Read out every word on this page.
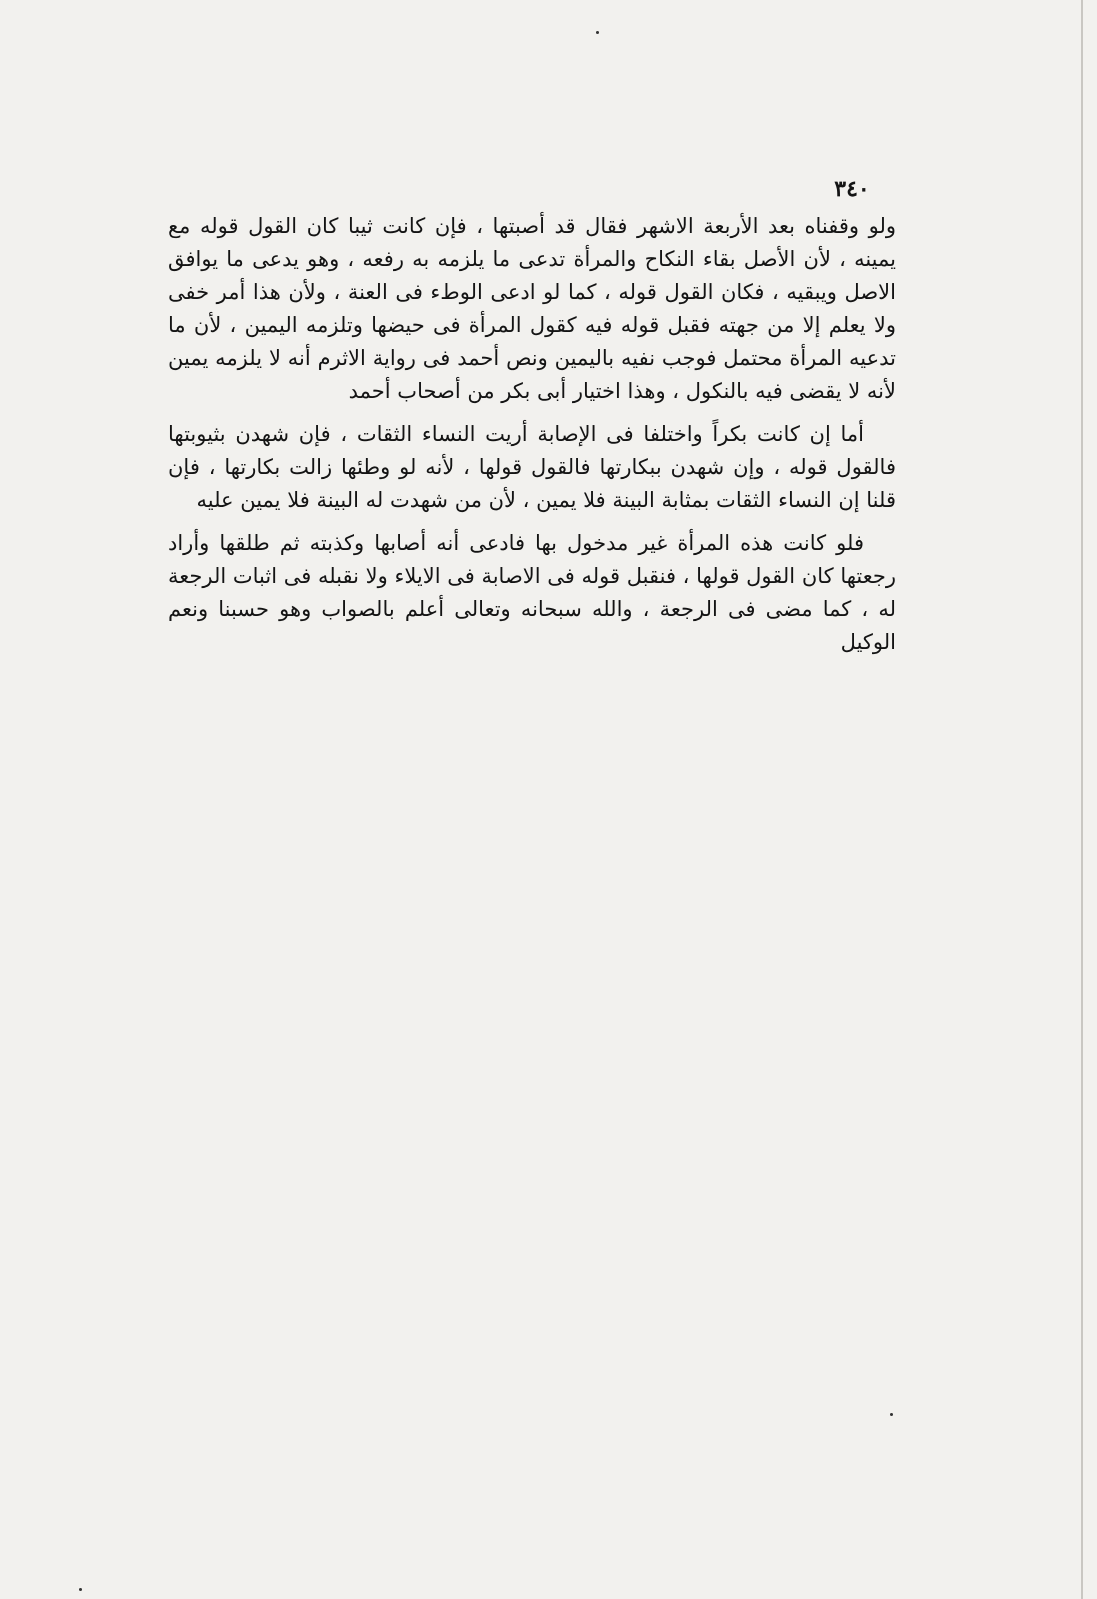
٣٤٠

ولو وقفناه بعد الأربعة الاشهر فقال قد أصبتها ، فإن كانت ثيبا كان القول قوله مع يمينه ، لأن الأصل بقاء النكاح والمرأة تدعى ما يلزمه به رفعه ، وهو يدعى ما يوافق الاصل ويبقيه ، فكان القول قوله ، كما لو ادعى الوطء فى العنة ، ولأن هذا أمر خفى ولا يعلم إلا من جهته فقبل قوله فيه كقول المرأة فى حيضها وتلزمه اليمين ، لأن ما تدعيه المرأة محتمل فوجب نفيه باليمين ونص أحمد فى رواية الاثرم أنه لا يلزمه يمين لأنه لا يقضى فيه بالنكول ، وهذا اختيار أبى بكر من أصحاب أحمد

أما إن كانت بكراً واختلفا فى الإصابة أريت النساء الثقات ، فإن شهدن بثيوبتها فالقول قوله ، وإن شهدن ببكارتها فالقول قولها ، لأنه لو وطئها زالت بكارتها ، فإن قلنا إن النساء الثقات بمثابة البينة فلا يمين ، لأن من شهدت له البينة فلا يمين عليه

فلو كانت هذه المرأة غير مدخول بها فادعى أنه أصابها وكذبته ثم طلقها وأراد رجعتها كان القول قولها ، فنقبل قوله فى الاصابة فى الايلاء ولا نقبله فى اثبات الرجعة له ، كما مضى فى الرجعة ، والله سبحانه وتعالى أعلم بالصواب وهو حسبنا ونعم الوكيل
